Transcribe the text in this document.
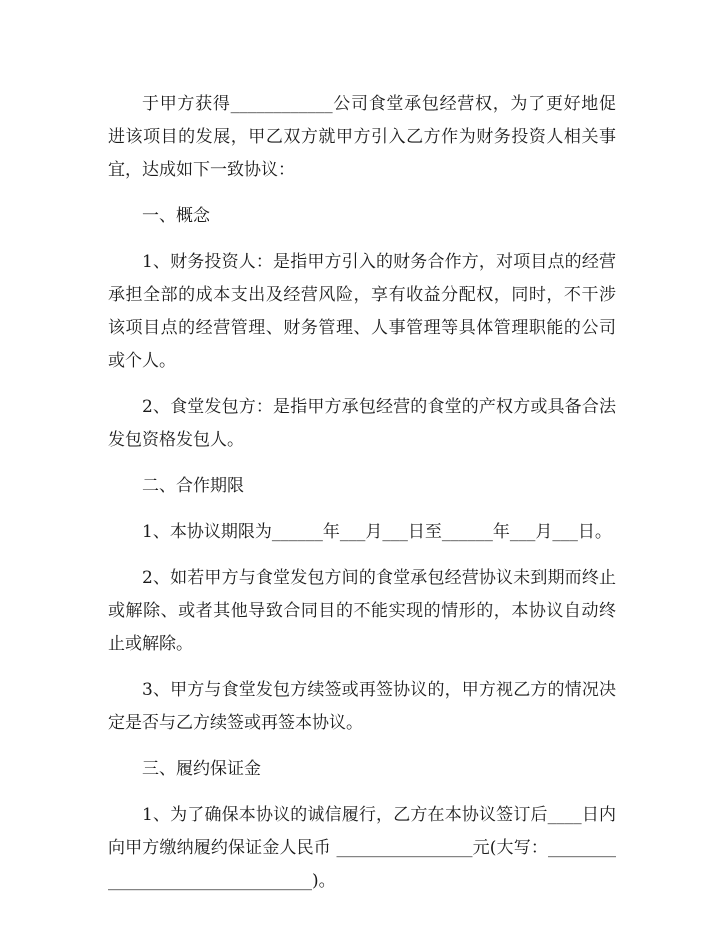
于甲方获得____________公司食堂承包经营权，为了更好地促进该项目的发展，甲乙双方就甲方引入乙方作为财务投资人相关事宜，达成如下一致协议：

一、概念

1、财务投资人：是指甲方引入的财务合作方，对项目点的经营承担全部的成本支出及经营风险，享有收益分配权，同时，不干涉该项目点的经营管理、财务管理、人事管理等具体管理职能的公司或个人。

2、食堂发包方：是指甲方承包经营的食堂的产权方或具备合法发包资格发包人。

二、合作期限

1、本协议期限为______年___月___日至______年___月___日。

2、如若甲方与食堂发包方间的食堂承包经营协议未到期而终止或解除、或者其他导致合同目的不能实现的情形的，本协议自动终止或解除。

3、甲方与食堂发包方续签或再签协议的，甲方视乙方的情况决定是否与乙方续签或再签本协议。

三、履约保证金

1、为了确保本协议的诚信履行，乙方在本协议签订后____日内向甲方缴纳履约保证金人民币 ________________元(大写：________________________________)。
